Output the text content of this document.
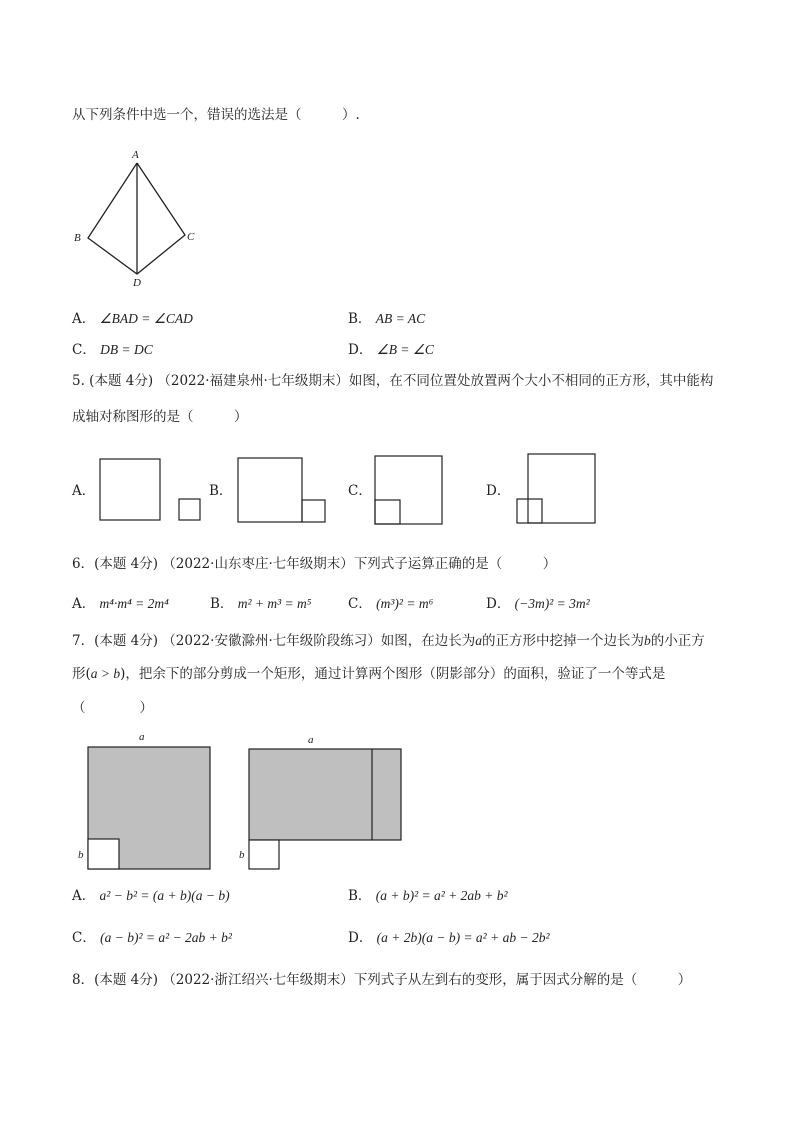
从下列条件中选一个，错误的选法是（　　　）.
A
B	C
D
A． ∠BAD = ∠CAD	B． AB = AC
C． DB = DC	D． ∠B = ∠C
5. (本题 4分) （2022·福建泉州·七年级期末）如图，在不同位置处放置两个大小不相同的正方形，其中能构
成轴对称图形的是（　　　）
A．	B．	C．	D．
6．(本题 4分) （2022·山东枣庄·七年级期末）下列式子运算正确的是（　　　）
A． m⁴·m⁴ = 2m⁴	B． m² + m³ = m⁵	C． (m³)² = m⁶	D． (−3m)² = 3m²
7．(本题 4分) （2022·安徽滁州·七年级阶段练习）如图，在边长为a的正方形中挖掉一个边长为b的小正方
形(a > b)，把余下的部分剪成一个矩形，通过计算两个图形（阴影部分）的面积，验证了一个等式是
（　　　　）
a
b
a
b
A． a² − b² = (a + b)(a − b)	B． (a + b)² = a² + 2ab + b²
C． (a − b)² = a² − 2ab + b²	D． (a + 2b)(a − b) = a² + ab − 2b²
8．(本题 4分) （2022·浙江绍兴·七年级期末）下列式子从左到右的变形，属于因式分解的是（　　　）
